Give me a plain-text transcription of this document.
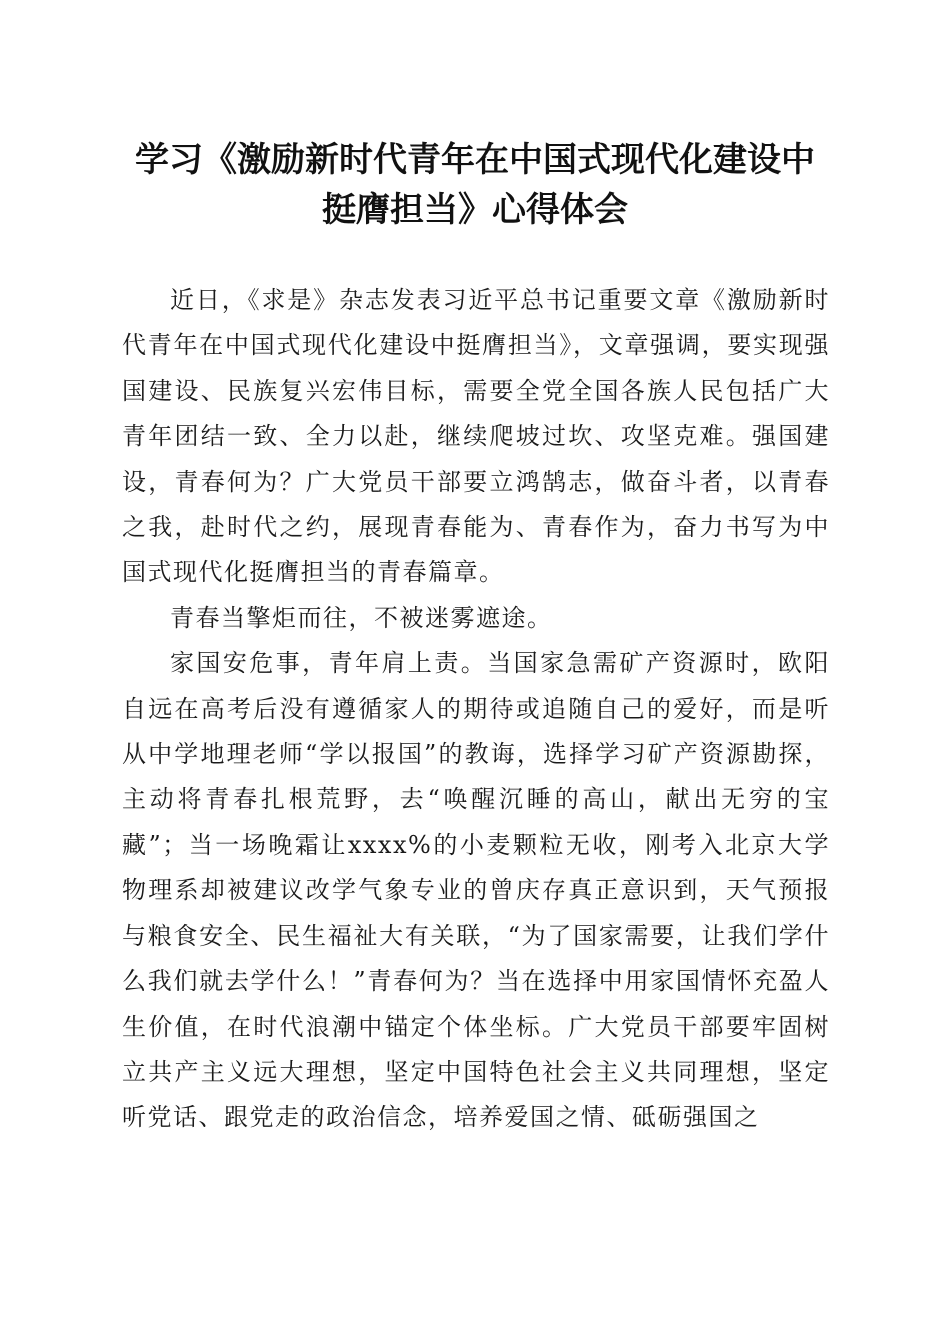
学习《激励新时代青年在中国式现代化建设中
挺膺担当》心得体会

近日，《求是》杂志发表习近平总书记重要文章《激励新时代青年在中国式现代化建设中挺膺担当》，文章强调，要实现强国建设、民族复兴宏伟目标，需要全党全国各族人民包括广大青年团结一致、全力以赴，继续爬坡过坎、攻坚克难。强国建设，青春何为？广大党员干部要立鸿鹄志，做奋斗者，以青春之我，赴时代之约，展现青春能为、青春作为，奋力书写为中国式现代化挺膺担当的青春篇章。

青春当擎炬而往，不被迷雾遮途。

家国安危事，青年肩上责。当国家急需矿产资源时，欧阳自远在高考后没有遵循家人的期待或追随自己的爱好，而是听从中学地理老师“学以报国”的教诲，选择学习矿产资源勘探，主动将青春扎根荒野，去“唤醒沉睡的高山，献出无穷的宝藏”；当一场晚霜让xxxx%的小麦颗粒无收，刚考入北京大学物理系却被建议改学气象专业的曾庆存真正意识到，天气预报与粮食安全、民生福祉大有关联，“为了国家需要，让我们学什么我们就去学什么！”青春何为？当在选择中用家国情怀充盈人生价值，在时代浪潮中锚定个体坐标。广大党员干部要牢固树立共产主义远大理想，坚定中国特色社会主义共同理想，坚定听党话、跟党走的政治信念，培养爱国之情、砥砺强国之
